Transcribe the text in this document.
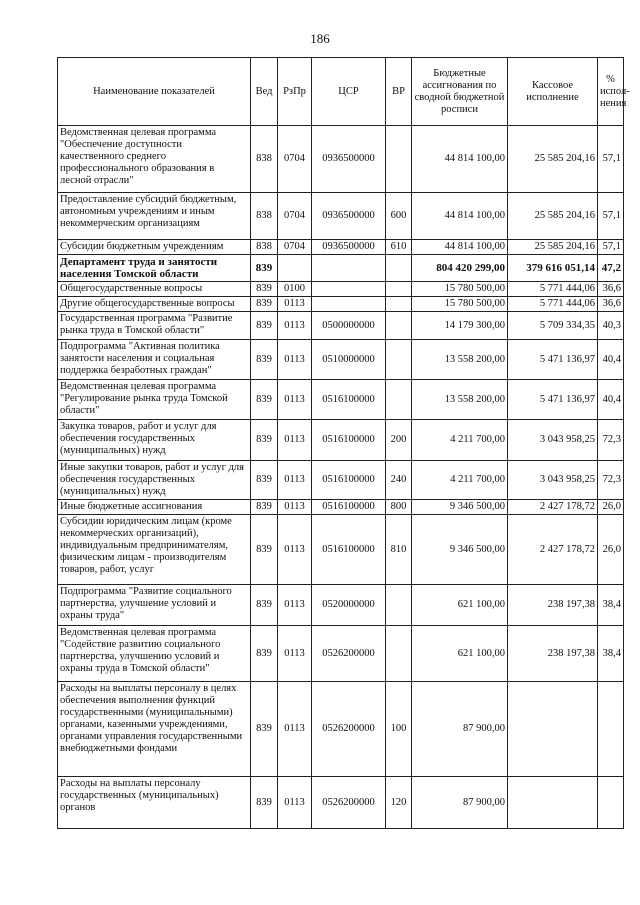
186
Наименование показателей	Вед	РзПр	ЦСР	ВР	Бюджетные ассигнования по сводной бюджетной росписи	Кассовое исполнение	% испол-нения
Ведомственная целевая программа "Обеспечение доступности качественного среднего профессионального образования в лесной отрасли"	838	0704	0936500000		44 814 100,00	25 585 204,16	57,1
Предоставление субсидий бюджетным, автономным учреждениям и иным некоммерческим организациям	838	0704	0936500000	600	44 814 100,00	25 585 204,16	57,1
Субсидии бюджетным учреждениям	838	0704	0936500000	610	44 814 100,00	25 585 204,16	57,1
Департамент труда и занятости населения Томской области	839				804 420 299,00	379 616 051,14	47,2
Общегосударственные вопросы	839	0100			15 780 500,00	5 771 444,06	36,6
Другие общегосударственные вопросы	839	0113			15 780 500,00	5 771 444,06	36,6
Государственная программа "Развитие рынка труда в Томской области"	839	0113	0500000000		14 179 300,00	5 709 334,35	40,3
Подпрограмма "Активная политика занятости населения и социальная поддержка безработных граждан"	839	0113	0510000000		13 558 200,00	5 471 136,97	40,4
Ведомственная целевая программа "Регулирование рынка труда Томской области"	839	0113	0516100000		13 558 200,00	5 471 136,97	40,4
Закупка товаров, работ и услуг для обеспечения государственных (муниципальных) нужд	839	0113	0516100000	200	4 211 700,00	3 043 958,25	72,3
Иные закупки товаров, работ и услуг для обеспечения государственных (муниципальных) нужд	839	0113	0516100000	240	4 211 700,00	3 043 958,25	72,3
Иные бюджетные ассигнования	839	0113	0516100000	800	9 346 500,00	2 427 178,72	26,0
Субсидии юридическим лицам (кроме некоммерческих организаций), индивидуальным предпринимателям, физическим лицам - производителям товаров, работ, услуг	839	0113	0516100000	810	9 346 500,00	2 427 178,72	26,0
Подпрограмма "Развитие социального партнерства, улучшение условий и охраны труда"	839	0113	0520000000		621 100,00	238 197,38	38,4
Ведомственная целевая программа "Содействие развитию социального партнерства, улучшению условий и охраны труда в Томской области"	839	0113	0526200000		621 100,00	238 197,38	38,4
Расходы на выплаты персоналу в целях обеспечения выполнения функций государственными (муниципальными) органами, казенными учреждениями, органами управления государственными внебюджетными фондами	839	0113	0526200000	100	87 900,00		
Расходы на выплаты персоналу государственных (муниципальных) органов	839	0113	0526200000	120	87 900,00		
